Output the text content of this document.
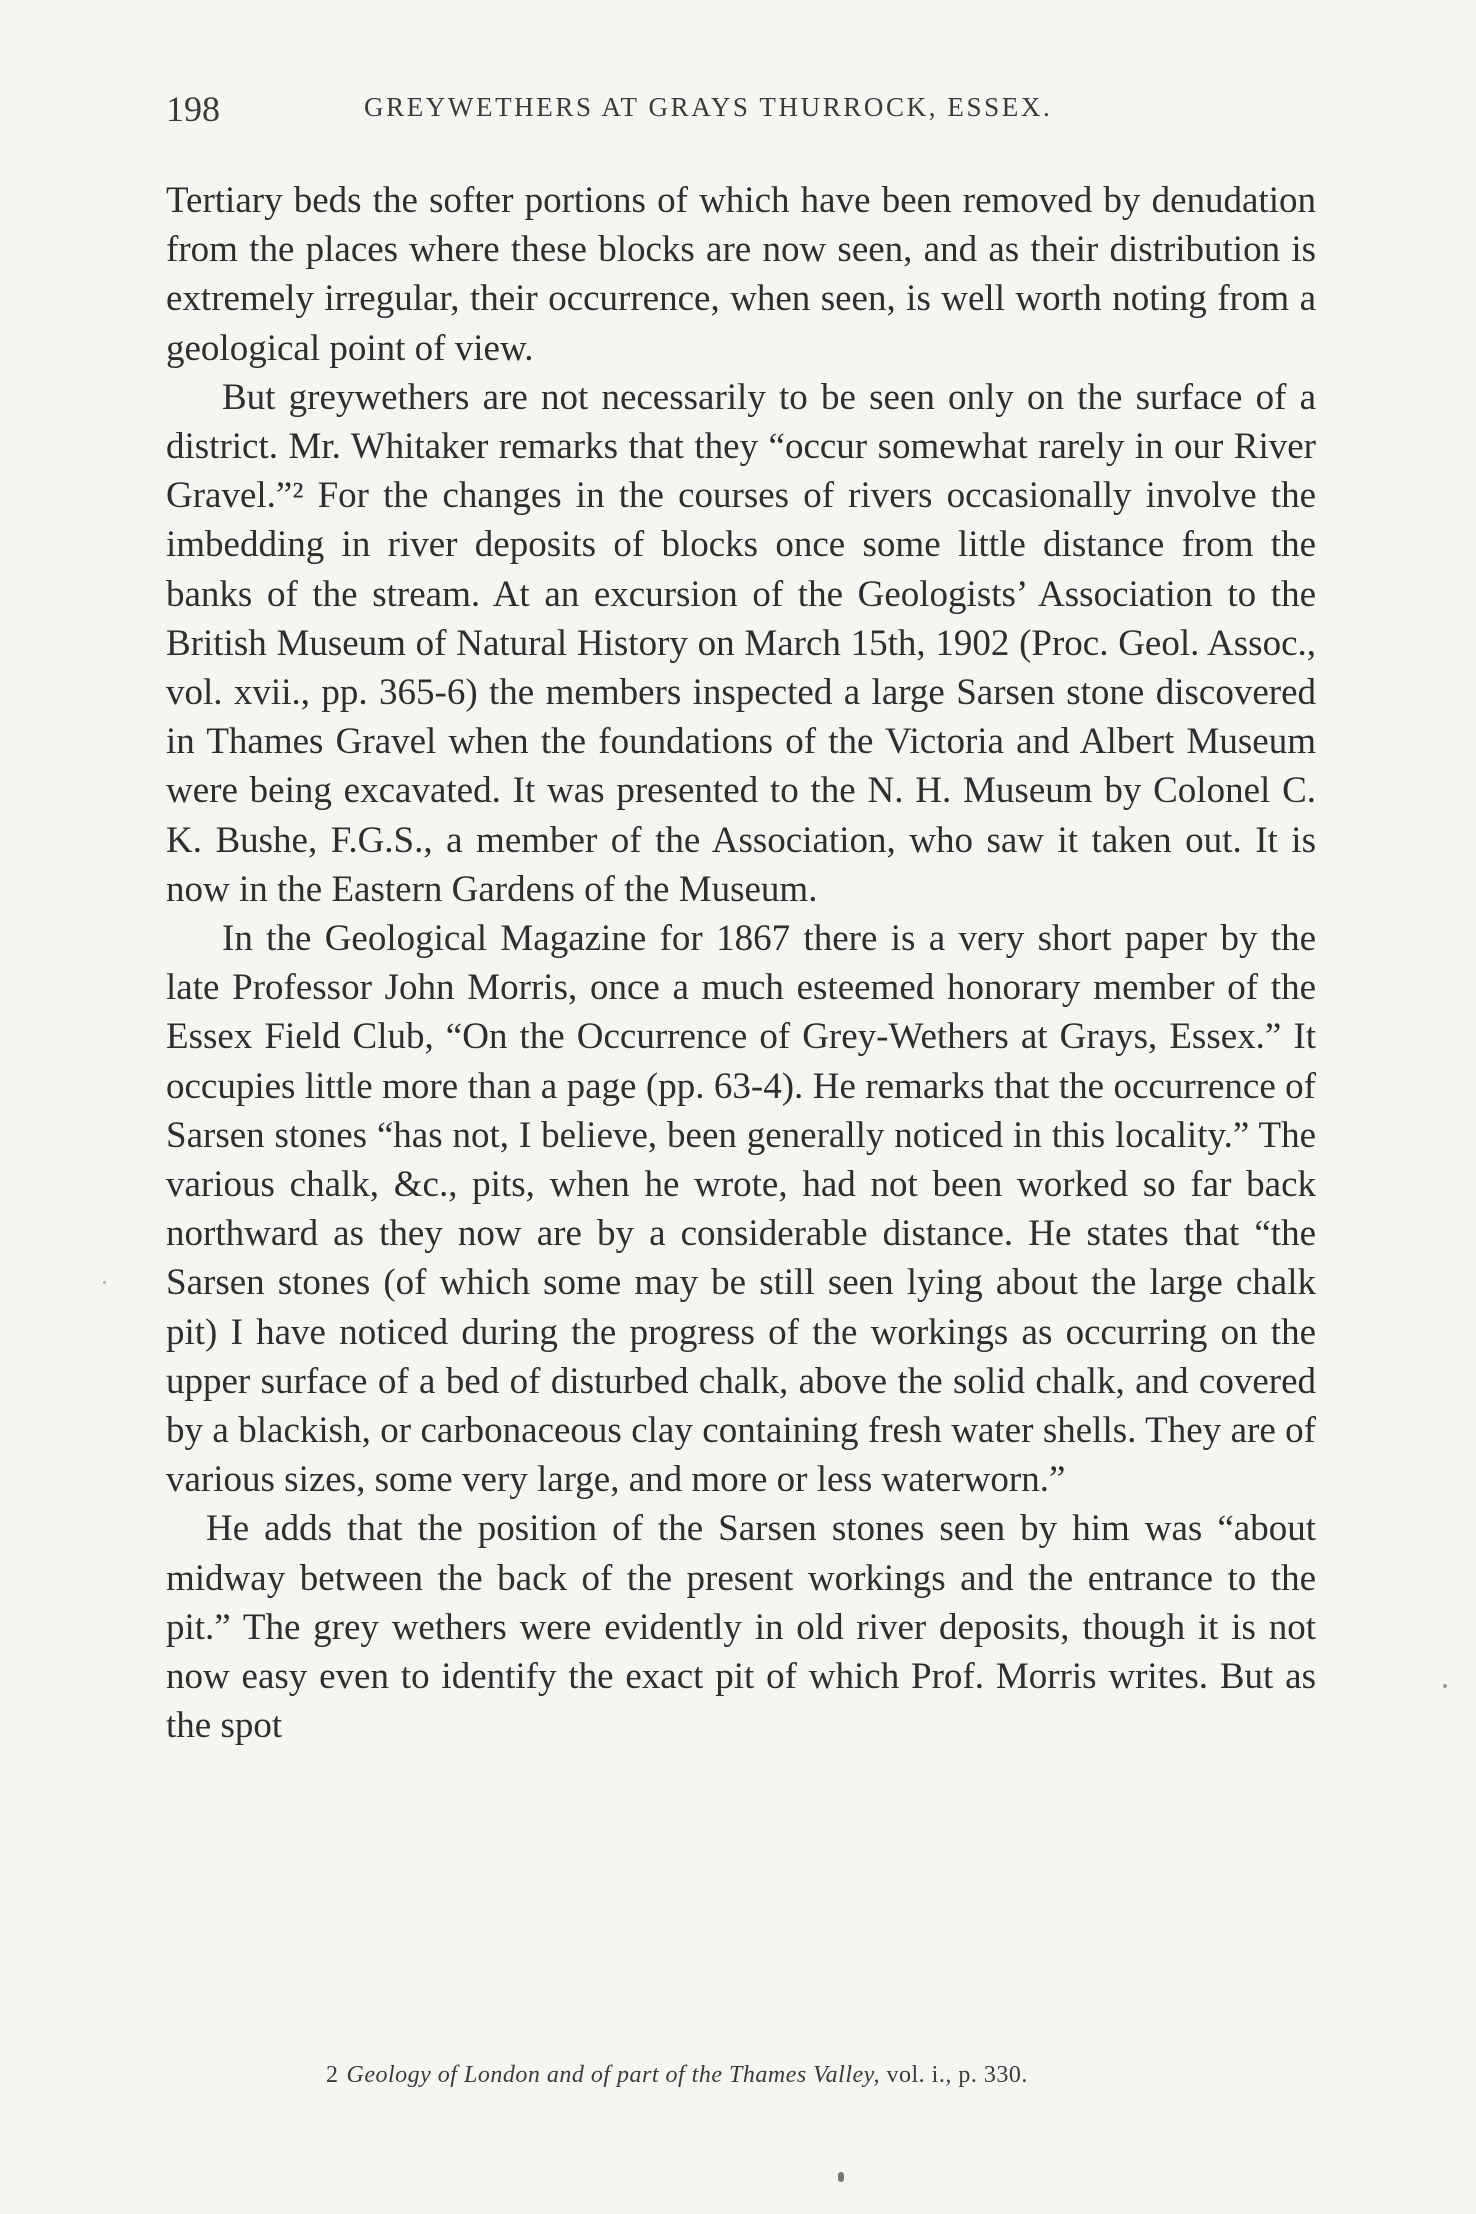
198	GREYWETHERS AT GRAYS THURROCK, ESSEX.

Tertiary beds the softer portions of which have been removed by denudation from the places where these blocks are now seen, and as their distribution is extremely irregular, their occurrence, when seen, is well worth noting from a geological point of view.

But greywethers are not necessarily to be seen only on the surface of a district. Mr. Whitaker remarks that they “occur somewhat rarely in our River Gravel.”² For the changes in the courses of rivers occasionally involve the imbedding in river deposits of blocks once some little distance from the banks of the stream. At an excursion of the Geologists’ Association to the British Museum of Natural History on March 15th, 1902 (Proc. Geol. Assoc., vol. xvii., pp. 365-6) the members inspected a large Sarsen stone discovered in Thames Gravel when the foundations of the Victoria and Albert Museum were being excavated. It was presented to the N. H. Museum by Colonel C. K. Bushe, F.G.S., a member of the Association, who saw it taken out. It is now in the Eastern Gardens of the Museum.

In the Geological Magazine for 1867 there is a very short paper by the late Professor John Morris, once a much esteemed honorary member of the Essex Field Club, “On the Occurrence of Grey-Wethers at Grays, Essex.” It occupies little more than a page (pp. 63-4). He remarks that the occurrence of Sarsen stones “has not, I believe, been generally noticed in this locality.” The various chalk, &c., pits, when he wrote, had not been worked so far back northward as they now are by a considerable distance. He states that “the Sarsen stones (of which some may be still seen lying about the large chalk pit) I have noticed during the progress of the workings as occurring on the upper surface of a bed of disturbed chalk, above the solid chalk, and covered by a blackish, or carbonaceous clay containing fresh water shells. They are of various sizes, some very large, and more or less waterworn.”

He adds that the position of the Sarsen stones seen by him was “about midway between the back of the present workings and the entrance to the pit.” The grey wethers were evidently in old river deposits, though it is not now easy even to identify the exact pit of which Prof. Morris writes. But as the spot

2 Geology of London and of part of the Thames Valley, vol. i., p. 330.
